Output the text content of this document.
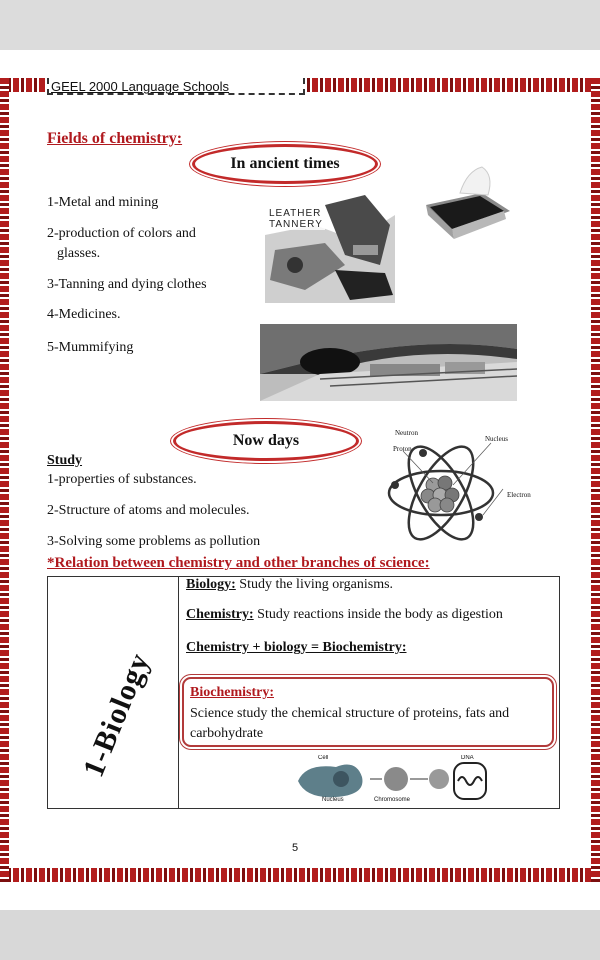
GEEL 2000 Language Schools
Fields of chemistry:
In ancient times
1-Metal and mining
2-production of colors and
glasses.
3-Tanning and dying clothes
4-Medicines.
5-Mummifying
LEATHER
TANNERY
Now days
Study
1-properties of substances.
2-Structure of atoms and molecules.
3-Solving some problems as pollution
Neutron
Proton
Nucleus
Electron
*Relation between chemistry and other branches of science:
1-Biology
Biology: Study the living organisms.
Chemistry: Study reactions inside the body as digestion
Chemistry + biology = Biochemistry:
Biochemistry:
Science study the chemical structure of proteins, fats and carbohydrate
Cell	DNA
Nucleus	Chromosome
5
